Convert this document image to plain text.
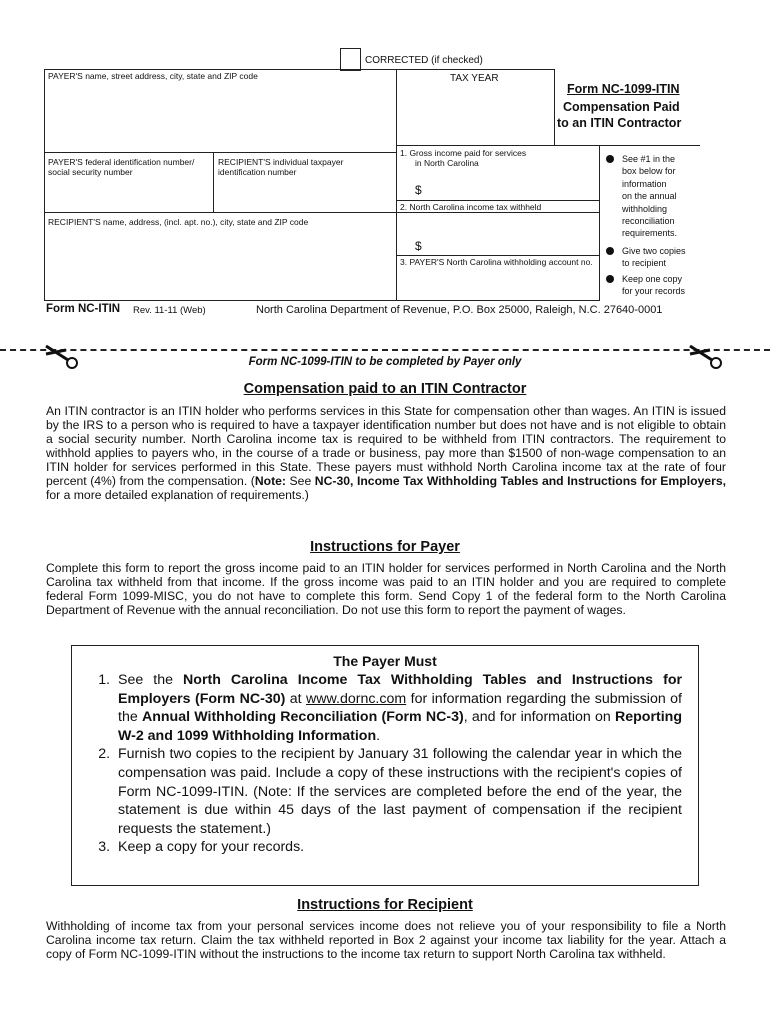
CORRECTED (if checked)
PAYER'S name, street address, city, state and ZIP code	TAX YEAR
Form NC-1099-ITIN
Compensation Paid
to an ITIN Contractor
PAYER'S federal identification number/
social security number
RECIPIENT'S individual taxpayer
identification number
RECIPIENT'S name, address, (incl. apt. no.), city, state and ZIP code
1. Gross income paid for services
in North Carolina
$
2. North Carolina income tax withheld
$
3. PAYER'S North Carolina withholding account no.
See #1 in the
box below for
information
on the annual
withholding
reconciliation
requirements.
Give two copies
to recipient
Keep one copy
for your records
Form NC-ITIN Rev. 11-11 (Web)	North Carolina Department of Revenue, P.O. Box 25000, Raleigh, N.C. 27640-0001
Form NC-1099-ITIN to be completed by Payer only
Compensation paid to an ITIN Contractor
An ITIN contractor is an ITIN holder who performs services in this State for compensation other than wages. An ITIN is issued by the IRS to a person who is required to have a taxpayer identification number but does not have and is not eligible to obtain a social security number. North Carolina income tax is required to be withheld from ITIN contractors. The requirement to withhold applies to payers who, in the course of a trade or business, pay more than $1500 of non-wage compensation to an ITIN holder for services performed in this State. These payers must withhold North Carolina income tax at the rate of four percent (4%) from the compensation. (Note: See NC-30, Income Tax Withholding Tables and Instructions for Employers, for a more detailed explanation of requirements.)
Instructions for Payer
Complete this form to report the gross income paid to an ITIN holder for services performed in North Carolina and the North Carolina tax withheld from that income. If the gross income was paid to an ITIN holder and you are required to complete federal Form 1099-MISC, you do not have to complete this form. Send Copy 1 of the federal form to the North Carolina Department of Revenue with the annual reconciliation. Do not use this form to report the payment of wages.
The Payer Must
1. See the North Carolina Income Tax Withholding Tables and Instructions for Employers (Form NC-30) at www.dornc.com for information regarding the submission of the Annual Withholding Reconciliation (Form NC-3), and for information on Reporting W-2 and 1099 Withholding Information.
2. Furnish two copies to the recipient by January 31 following the calendar year in which the compensation was paid. Include a copy of these instructions with the recipient's copies of Form NC-1099-ITIN. (Note: If the services are completed before the end of the year, the statement is due within 45 days of the last payment of compensation if the recipient requests the statement.)
3. Keep a copy for your records.
Instructions for Recipient
Withholding of income tax from your personal services income does not relieve you of your responsibility to file a North Carolina income tax return. Claim the tax withheld reported in Box 2 against your income tax liability for the year. Attach a copy of Form NC-1099-ITIN without the instructions to the income tax return to support North Carolina tax withheld.
